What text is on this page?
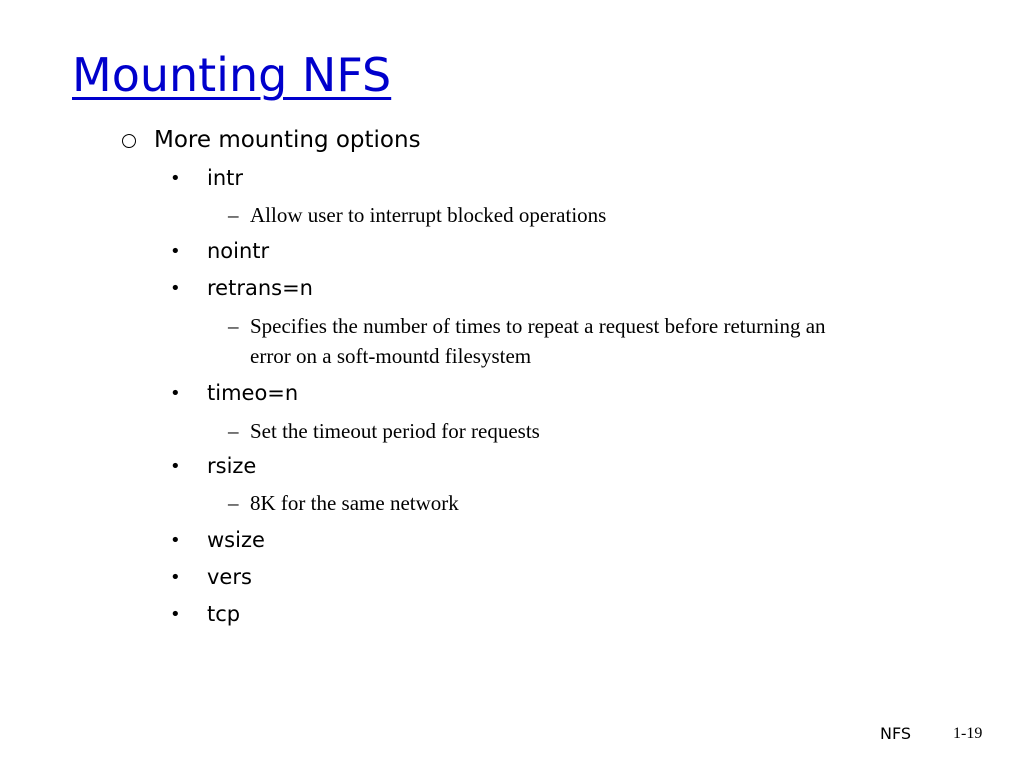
Mounting NFS
More mounting options
•	intr
– Allow user to interrupt blocked operations
•	nointr
•	retrans=n
– Specifies the number of times to repeat a request before returning an error on a soft-mountd filesystem
•	timeo=n
– Set the timeout period for requests
•	rsize
– 8K for the same network
•	wsize
•	vers
•	tcp
NFS	1-19
